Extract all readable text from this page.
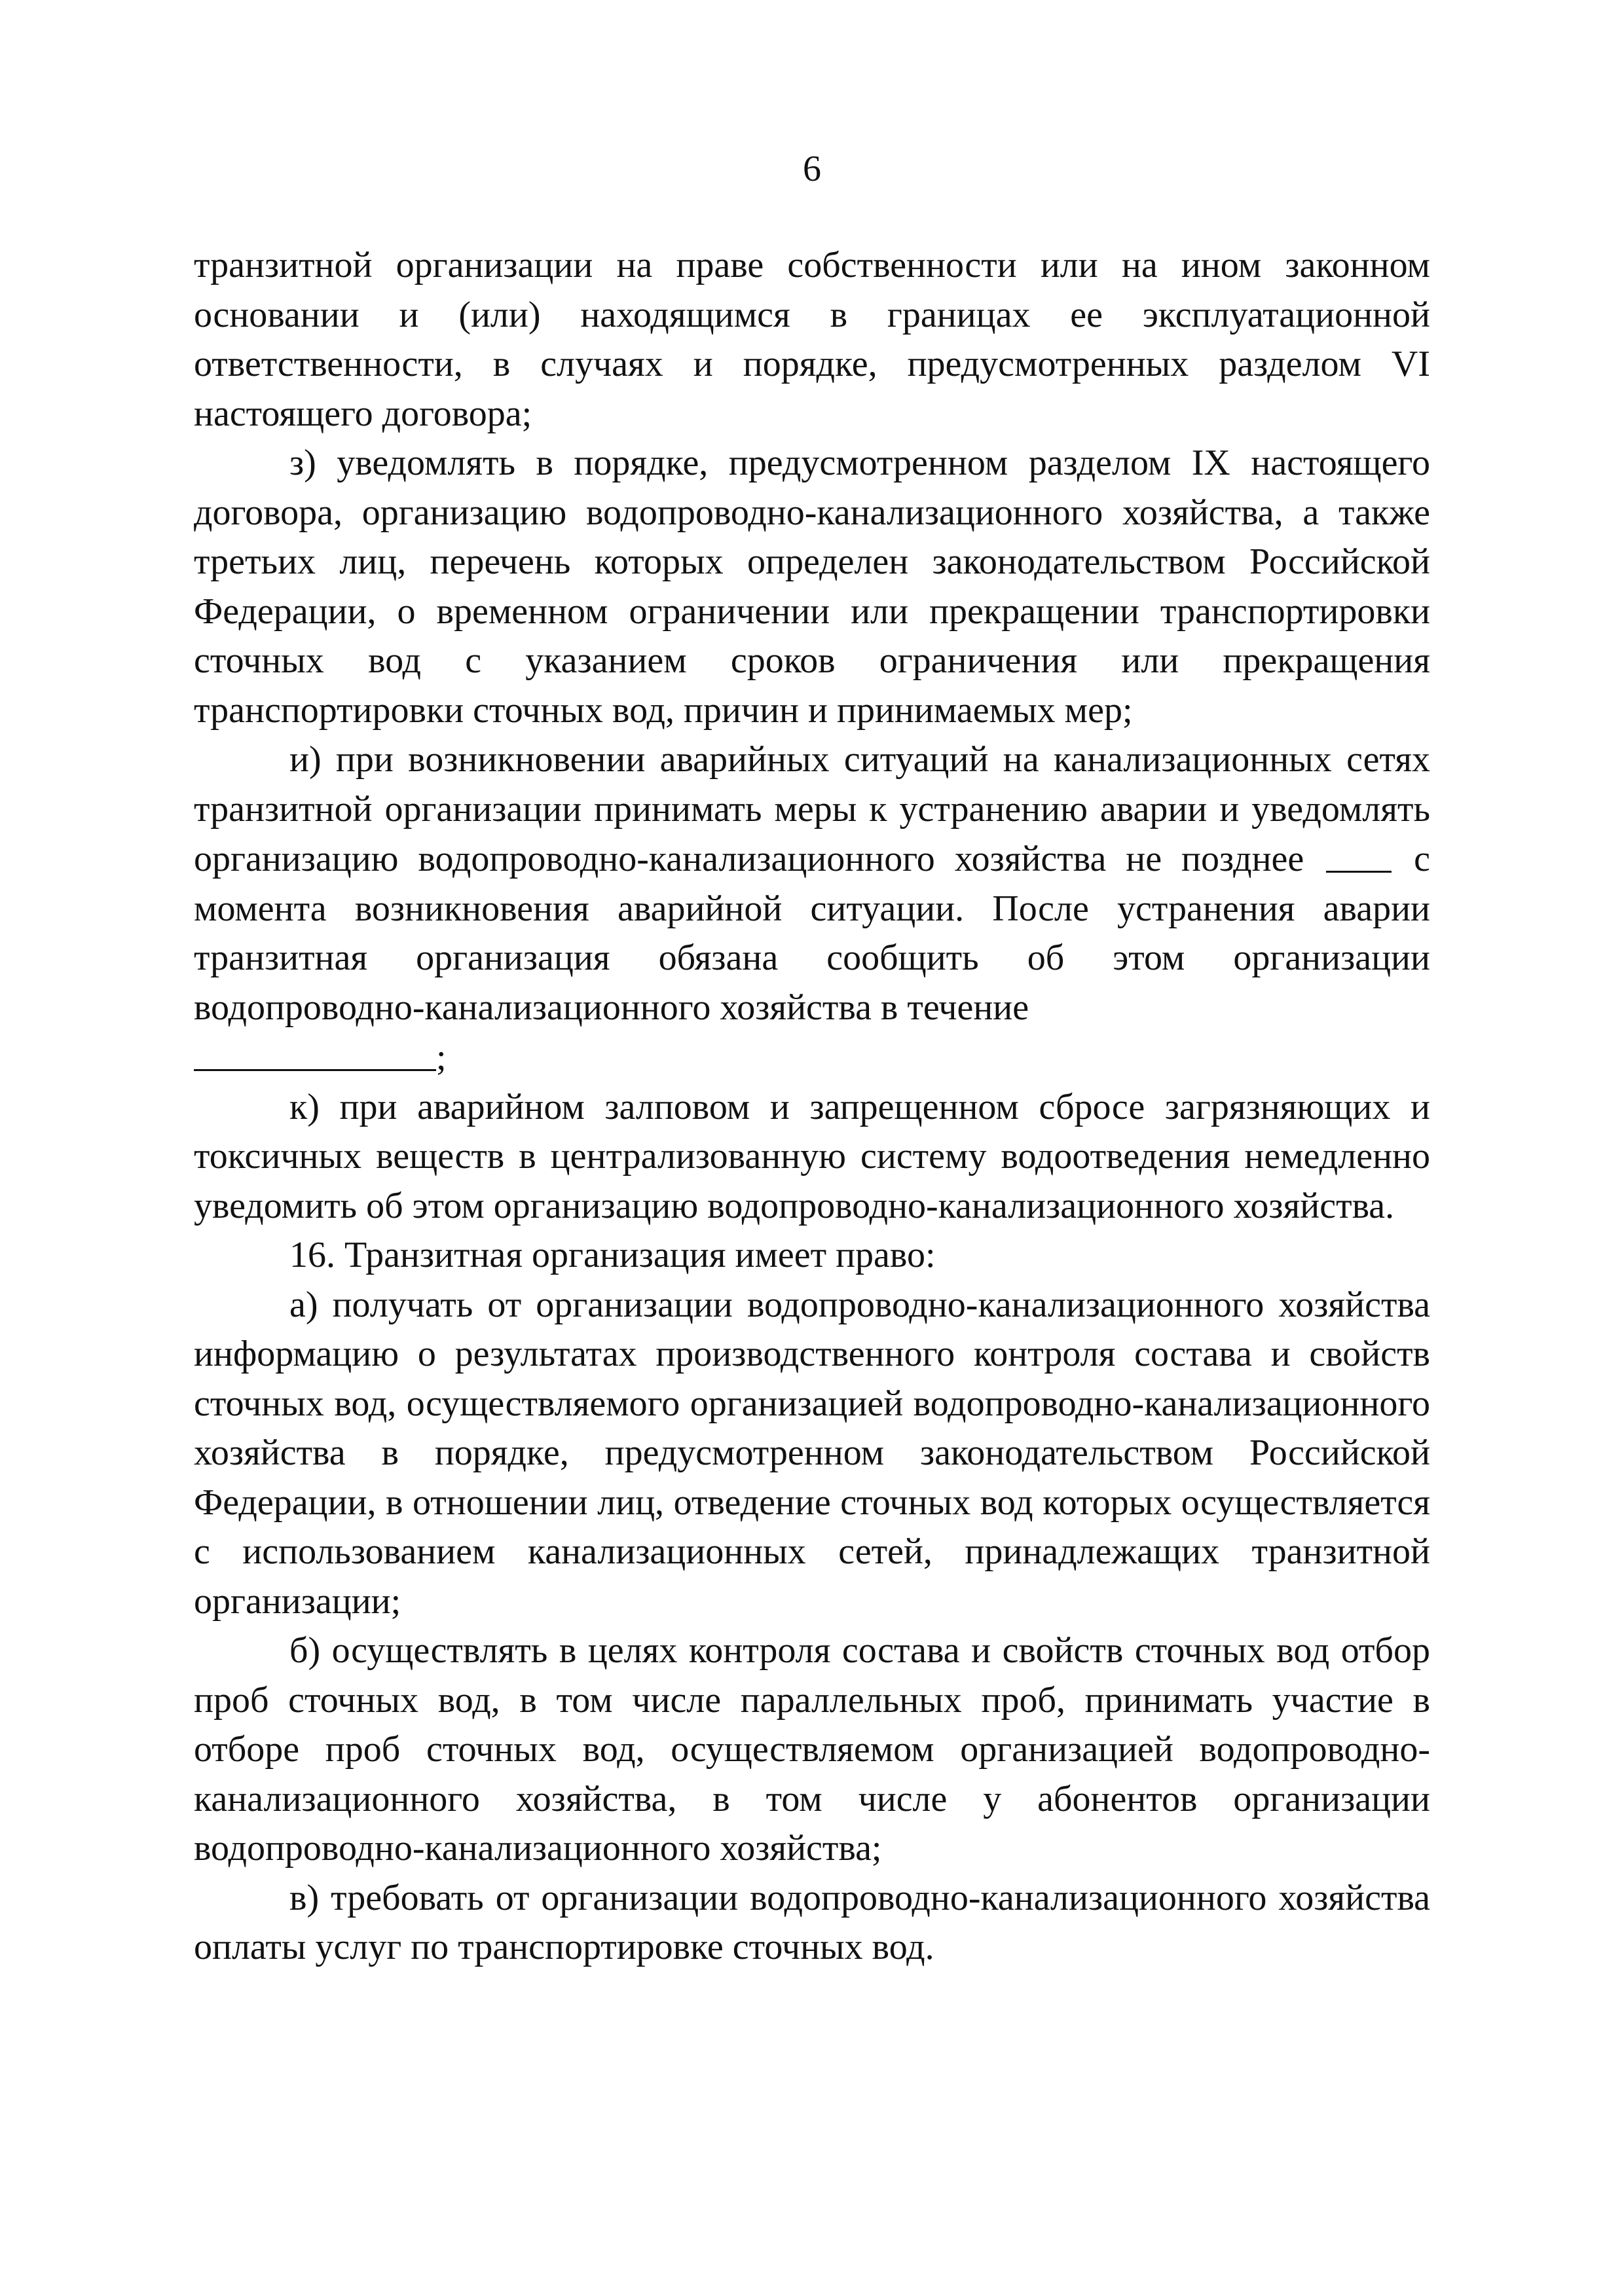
6

транзитной организации на праве собственности или на ином законном основании и (или) находящимся в границах ее эксплуатационной ответственности, в случаях и порядке, предусмотренных разделом VI настоящего договора;

з) уведомлять в порядке, предусмотренном разделом IX настоящего договора, организацию водопроводно-канализационного хозяйства, а также третьих лиц, перечень которых определен законодательством Российской Федерации, о временном ограничении или прекращении транспортировки сточных вод с указанием сроков ограничения или прекращения транспортировки сточных вод, причин и принимаемых мер;

и) при возникновении аварийных ситуаций на канализационных сетях транзитной организации принимать меры к устранению аварии и уведомлять организацию водопроводно-канализационного хозяйства не позднее	с момента возникновения аварийной ситуации. После устранения аварии транзитная организация обязана сообщить об этом организации водопроводно-канализационного хозяйства в течение
;

к) при аварийном залповом и запрещенном сбросе загрязняющих и токсичных веществ в централизованную систему водоотведения немедленно уведомить об этом организацию водопроводно-канализационного хозяйства.

16. Транзитная организация имеет право:

а) получать от организации водопроводно-канализационного хозяйства информацию о результатах производственного контроля состава и свойств сточных вод, осуществляемого организацией водопроводно-канализационного хозяйства в порядке, предусмотренном законодательством Российской Федерации, в отношении лиц, отведение сточных вод которых осуществляется с использованием канализационных сетей, принадлежащих транзитной организации;

б) осуществлять в целях контроля состава и свойств сточных вод отбор проб сточных вод, в том числе параллельных проб, принимать участие в отборе проб сточных вод, осуществляемом организацией водопроводно-канализационного хозяйства, в том числе у абонентов организации водопроводно-канализационного хозяйства;

в) требовать от организации водопроводно-канализационного хозяйства оплаты услуг по транспортировке сточных вод.
